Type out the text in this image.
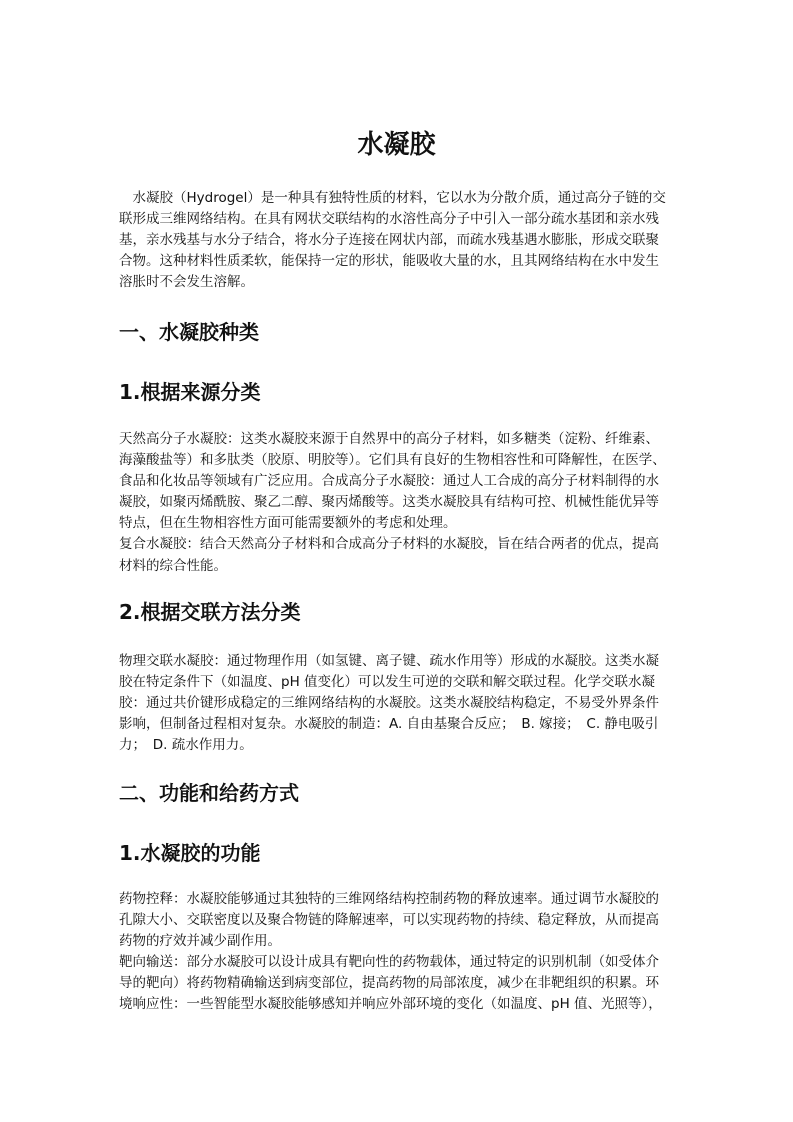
水凝胶
　水凝胶（Hydrogel）是一种具有独特性质的材料，它以水为分散介质，通过高分子链的交
联形成三维网络结构。在具有网状交联结构的水溶性高分子中引入一部分疏水基团和亲水残
基，亲水残基与水分子结合，将水分子连接在网状内部，而疏水残基遇水膨胀，形成交联聚
合物。这种材料性质柔软，能保持一定的形状，能吸收大量的水，且其网络结构在水中发生
溶胀时不会发生溶解。
一、水凝胶种类
1.根据来源分类
天然高分子水凝胶：这类水凝胶来源于自然界中的高分子材料，如多糖类（淀粉、纤维素、
海藻酸盐等）和多肽类（胶原、明胶等）。它们具有良好的生物相容性和可降解性，在医学、
食品和化妆品等领域有广泛应用。合成高分子水凝胶：通过人工合成的高分子材料制得的水
凝胶，如聚丙烯酰胺、聚乙二醇、聚丙烯酸等。这类水凝胶具有结构可控、机械性能优异等
特点，但在生物相容性方面可能需要额外的考虑和处理。
复合水凝胶：结合天然高分子材料和合成高分子材料的水凝胶，旨在结合两者的优点，提高
材料的综合性能。
2.根据交联方法分类
物理交联水凝胶：通过物理作用（如氢键、离子键、疏水作用等）形成的水凝胶。这类水凝
胶在特定条件下（如温度、pH 值变化）可以发生可逆的交联和解交联过程。化学交联水凝
胶：通过共价键形成稳定的三维网络结构的水凝胶。这类水凝胶结构稳定，不易受外界条件
影响，但制备过程相对复杂。水凝胶的制造：A. 自由基聚合反应；　B. 嫁接；　C. 静电吸引
力；　D. 疏水作用力。
二、功能和给药方式
1.水凝胶的功能
药物控释：水凝胶能够通过其独特的三维网络结构控制药物的释放速率。通过调节水凝胶的
孔隙大小、交联密度以及聚合物链的降解速率，可以实现药物的持续、稳定释放，从而提高
药物的疗效并减少副作用。
靶向输送：部分水凝胶可以设计成具有靶向性的药物载体，通过特定的识别机制（如受体介
导的靶向）将药物精确输送到病变部位，提高药物的局部浓度，减少在非靶组织的积累。环
境响应性：一些智能型水凝胶能够感知并响应外部环境的变化（如温度、pH 值、光照等），
